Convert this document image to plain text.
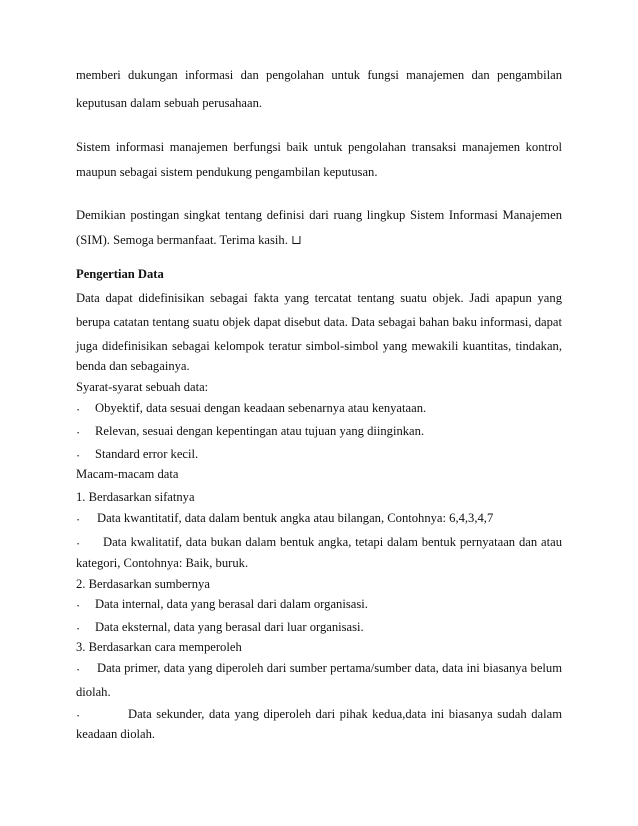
memberi dukungan informasi dan pengolahan untuk fungsi manajemen dan pengambilan
keputusan dalam sebuah perusahaan.
Sistem informasi manajemen berfungsi baik untuk pengolahan transaksi manajemen kontrol
maupun sebagai sistem pendukung pengambilan keputusan.
Demikian postingan singkat tentang definisi dari ruang lingkup Sistem Informasi Manajemen
(SIM). Semoga bermanfaat. Terima kasih. ⊔
Pengertian Data
Data dapat didefinisikan sebagai fakta yang tercatat tentang suatu objek. Jadi apapun yang
berupa catatan tentang suatu objek dapat disebut data. Data sebagai bahan baku informasi, dapat
juga didefinisikan sebagai kelompok teratur simbol-simbol yang mewakili kuantitas, tindakan,
benda dan sebagainya.
Syarat-syarat sebuah data:
· Obyektif, data sesuai dengan keadaan sebenarnya atau kenyataan.
· Relevan, sesuai dengan kepentingan atau tujuan yang diinginkan.
· Standard error kecil.
Macam-macam data
1. Berdasarkan sifatnya
· Data kwantitatif, data dalam bentuk angka atau bilangan, Contohnya: 6,4,3,4,7
· Data kwalitatif, data bukan dalam bentuk angka, tetapi dalam bentuk pernyataan dan atau
kategori, Contohnya: Baik, buruk.
2. Berdasarkan sumbernya
· Data internal, data yang berasal dari dalam organisasi.
· Data eksternal, data yang berasal dari luar organisasi.
3. Berdasarkan cara memperoleh
· Data primer, data yang diperoleh dari sumber pertama/sumber data, data ini biasanya belum
diolah.
·	Data sekunder, data yang diperoleh dari pihak kedua,data ini biasanya sudah dalam
keadaan diolah.
